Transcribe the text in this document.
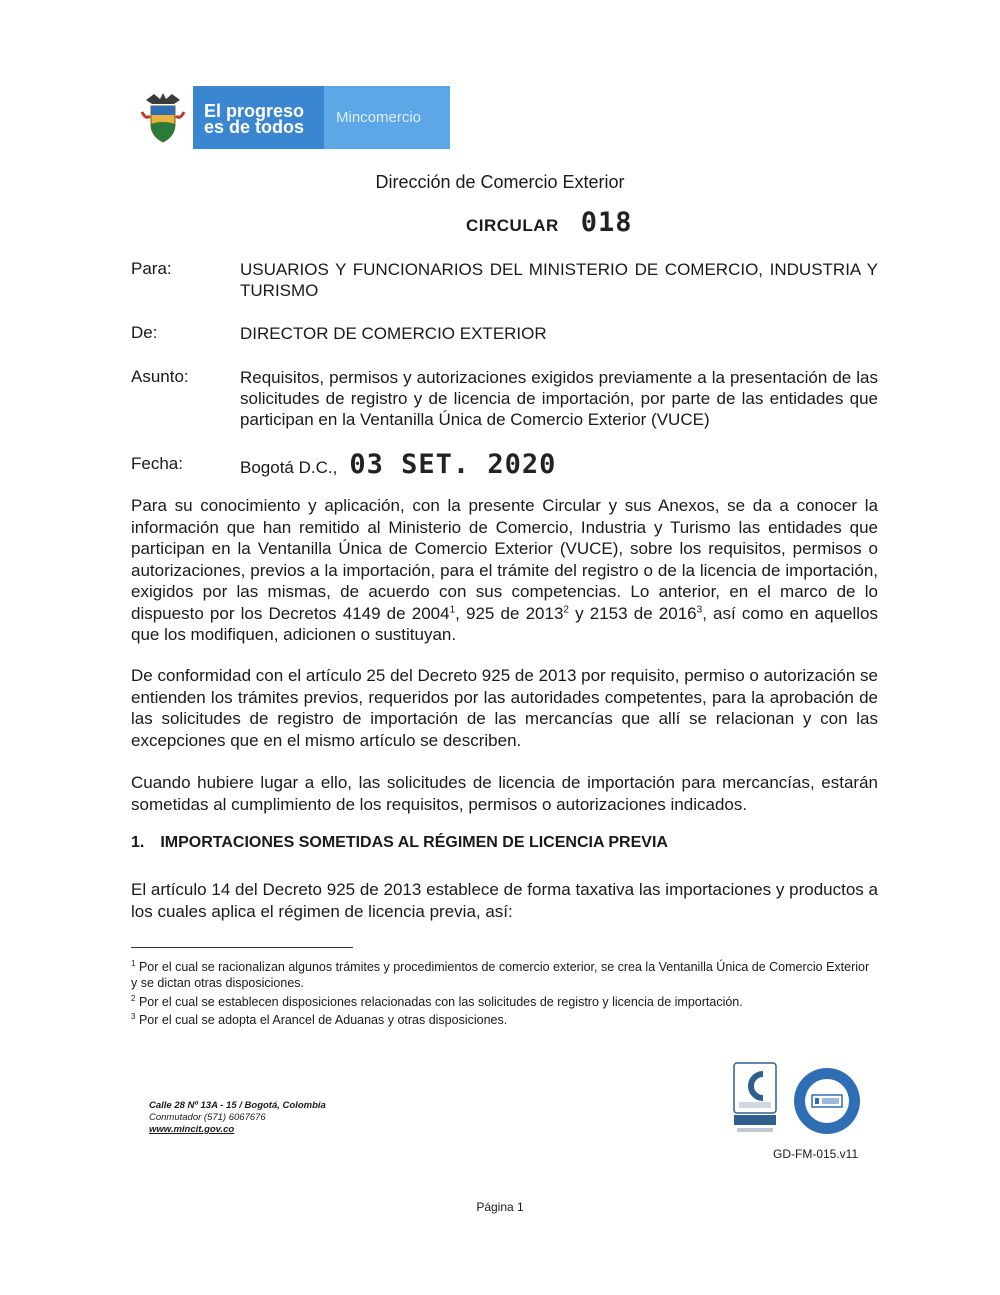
El progreso
es de todos Mincomercio
Dirección de Comercio Exterior
CIRCULAR 018
Para:	USUARIOS Y FUNCIONARIOS DEL MINISTERIO DE COMERCIO, INDUSTRIA Y TURISMO
De:	DIRECTOR DE COMERCIO EXTERIOR
Asunto:	Requisitos, permisos y autorizaciones exigidos previamente a la presentación de las solicitudes de registro y de licencia de importación, por parte de las entidades que participan en la Ventanilla Única de Comercio Exterior (VUCE)
Fecha:	Bogotá D.C., 03 SET. 2020
Para su conocimiento y aplicación, con la presente Circular y sus Anexos, se da a conocer la información que han remitido al Ministerio de Comercio, Industria y Turismo las entidades que participan en la Ventanilla Única de Comercio Exterior (VUCE), sobre los requisitos, permisos o autorizaciones, previos a la importación, para el trámite del registro o de la licencia de importación, exigidos por las mismas, de acuerdo con sus competencias. Lo anterior, en el marco de lo dispuesto por los Decretos 4149 de 2004$^1$, 925 de 2013$^2$ y 2153 de 2016$^3$, así como en aquellos que los modifiquen, adicionen o sustituyan.
De conformidad con el artículo 25 del Decreto 925 de 2013 por requisito, permiso o autorización se entienden los trámites previos, requeridos por las autoridades competentes, para la aprobación de las solicitudes de registro de importación de las mercancías que allí se relacionan y con las excepciones que en el mismo artículo se describen.
Cuando hubiere lugar a ello, las solicitudes de licencia de importación para mercancías, estarán sometidas al cumplimiento de los requisitos, permisos o autorizaciones indicados.
1. IMPORTACIONES SOMETIDAS AL RÉGIMEN DE LICENCIA PREVIA
El artículo 14 del Decreto 925 de 2013 establece de forma taxativa las importaciones y productos a los cuales aplica el régimen de licencia previa, así:
$^1$ Por el cual se racionalizan algunos trámites y procedimientos de comercio exterior, se crea la Ventanilla Única de Comercio Exterior y se dictan otras disposiciones.
$^2$ Por el cual se establecen disposiciones relacionadas con las solicitudes de registro y licencia de importación.
$^3$ Por el cual se adopta el Arancel de Aduanas y otras disposiciones.
Calle 28 Nº 13A - 15 / Bogotá, Colombia
Conmutador (571) 6067676
www.mincit.gov.co
GD-FM-015.v11
Página 1
